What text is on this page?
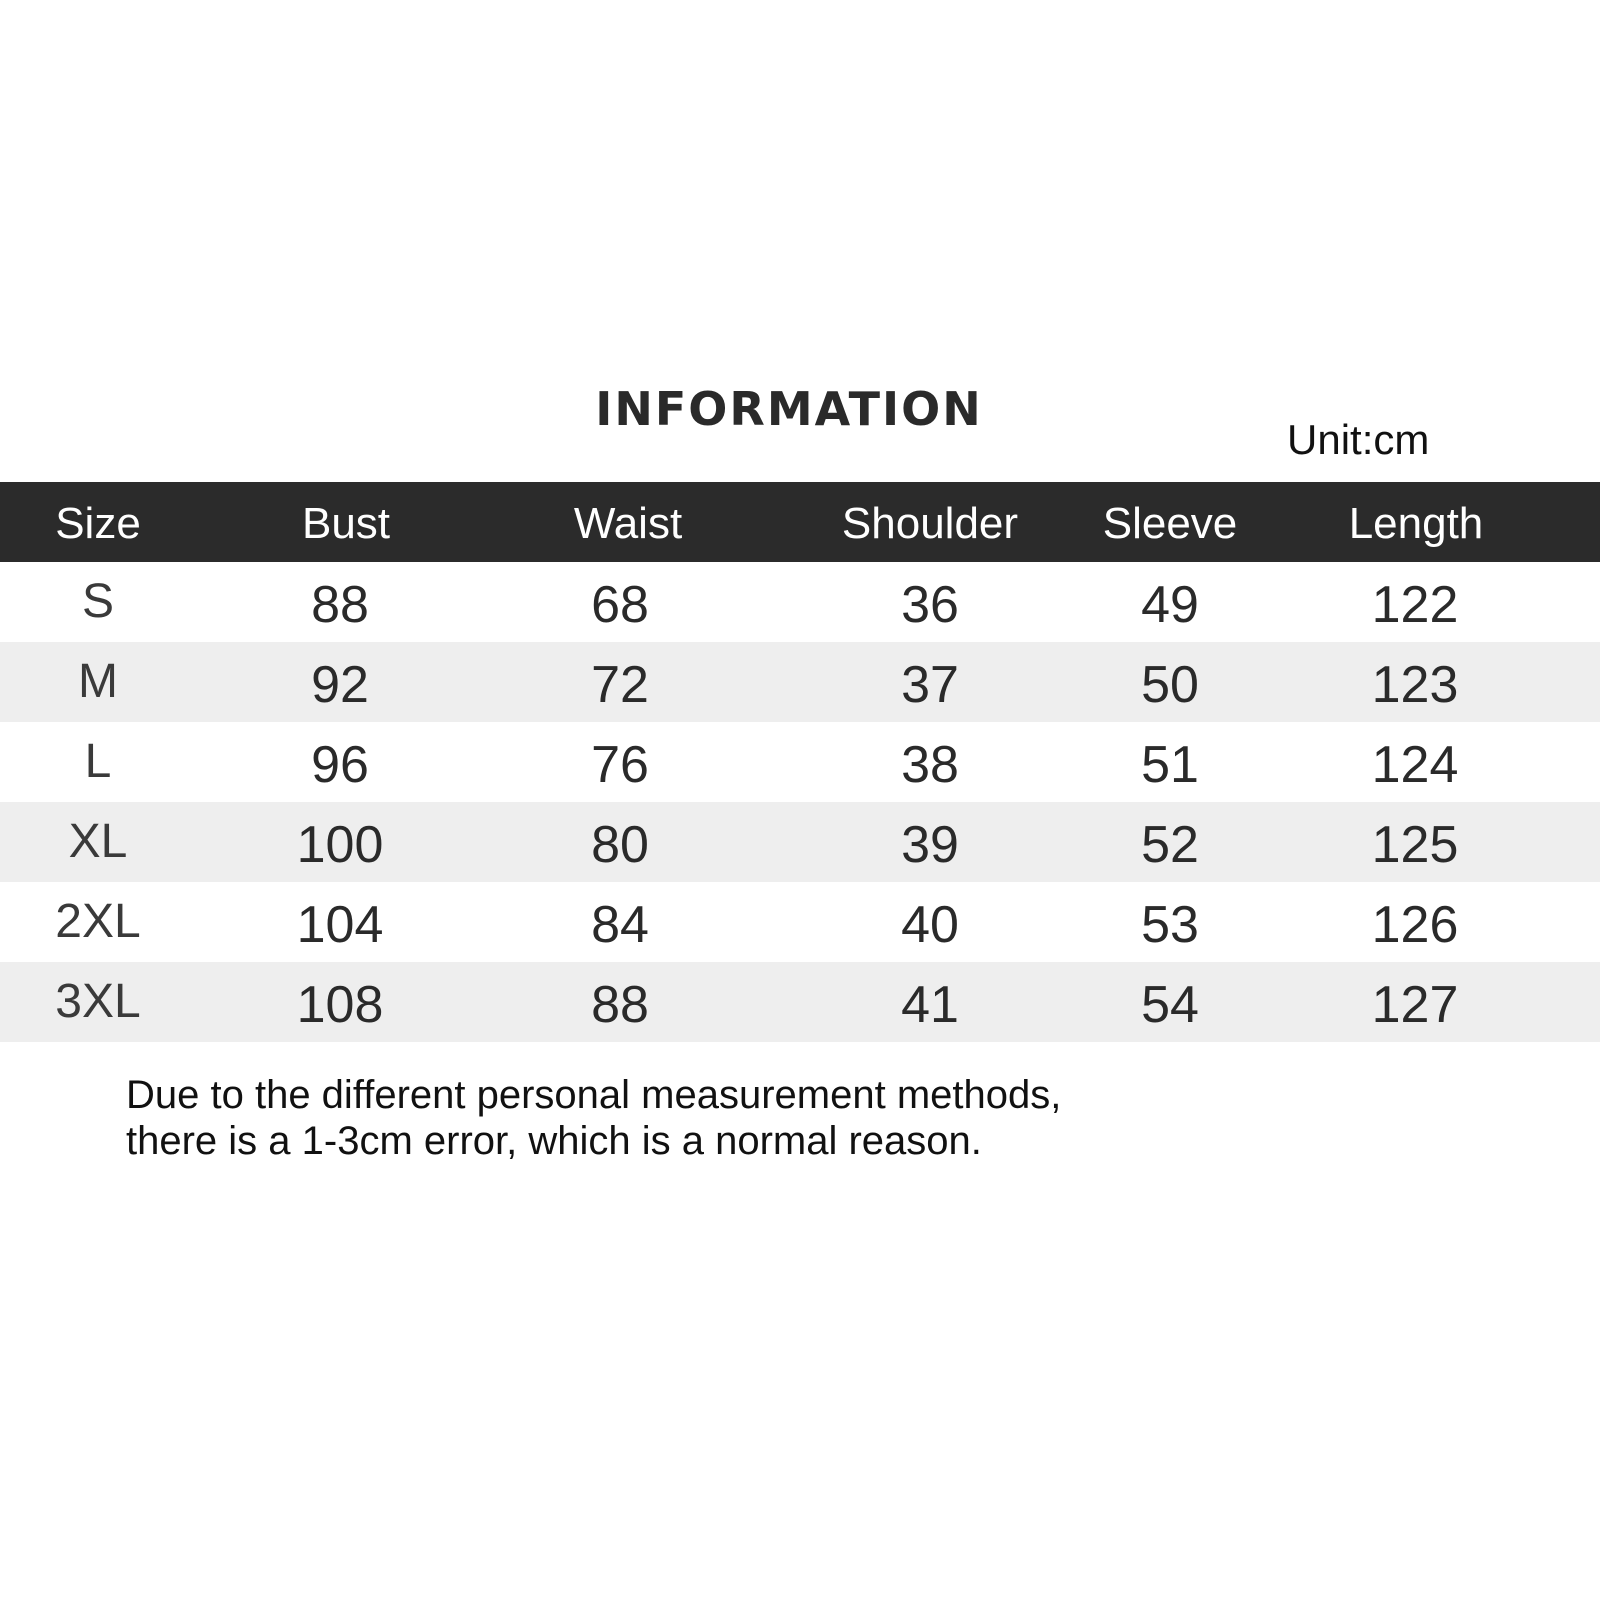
INFORMATION
Unit:cm
Size	Bust	Waist	Shoulder	Sleeve	Length
S	88	68	36	49	122
M	92	72	37	50	123
L	96	76	38	51	124
XL	100	80	39	52	125
2XL	104	84	40	53	126
3XL	108	88	41	54	127
Due to the different personal measurement methods,
there is a 1-3cm error, which is a normal reason.
